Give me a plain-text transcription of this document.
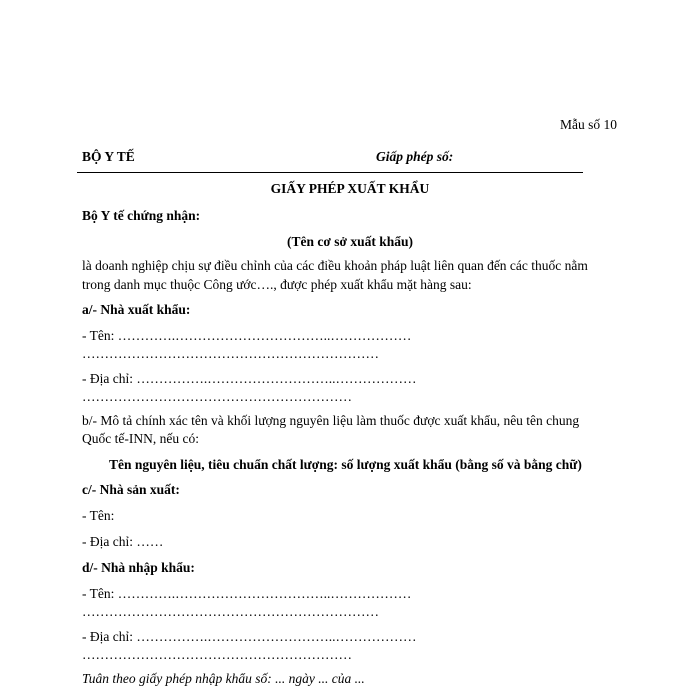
Mẫu số 10
BỘ Y TẾ	Giấp phép số:
GIẤY PHÉP XUẤT KHẨU
Bộ Y tế chứng nhận:
(Tên cơ sở xuất khẩu)
là doanh nghiệp chịu sự điều chỉnh của các điều khoản pháp luật liên quan đến các thuốc nằm
trong danh mục thuộc Công ước…., được phép xuất khẩu mặt hàng sau:
a/- Nhà xuất khẩu:
- Tên: ………….……………………………..………………
…………………………………………………………
- Địa chỉ: …………….………………………..………………
……………………………………………………
b/- Mô tả chính xác tên và khối lượng nguyên liệu làm thuốc được xuất khẩu, nêu tên chung
Quốc tế-INN, nếu có:
Tên nguyên liệu, tiêu chuẩn chất lượng: số lượng xuất khẩu (bằng số và bằng chữ)
c/- Nhà sản xuất:
- Tên:
- Địa chỉ: ……
d/- Nhà nhập khẩu:
- Tên: ………….……………………………..………………
…………………………………………………………
- Địa chỉ: …………….………………………..………………
……………………………………………………
Tuân theo giấy phép nhập khẩu số: ... ngày ... của ...
